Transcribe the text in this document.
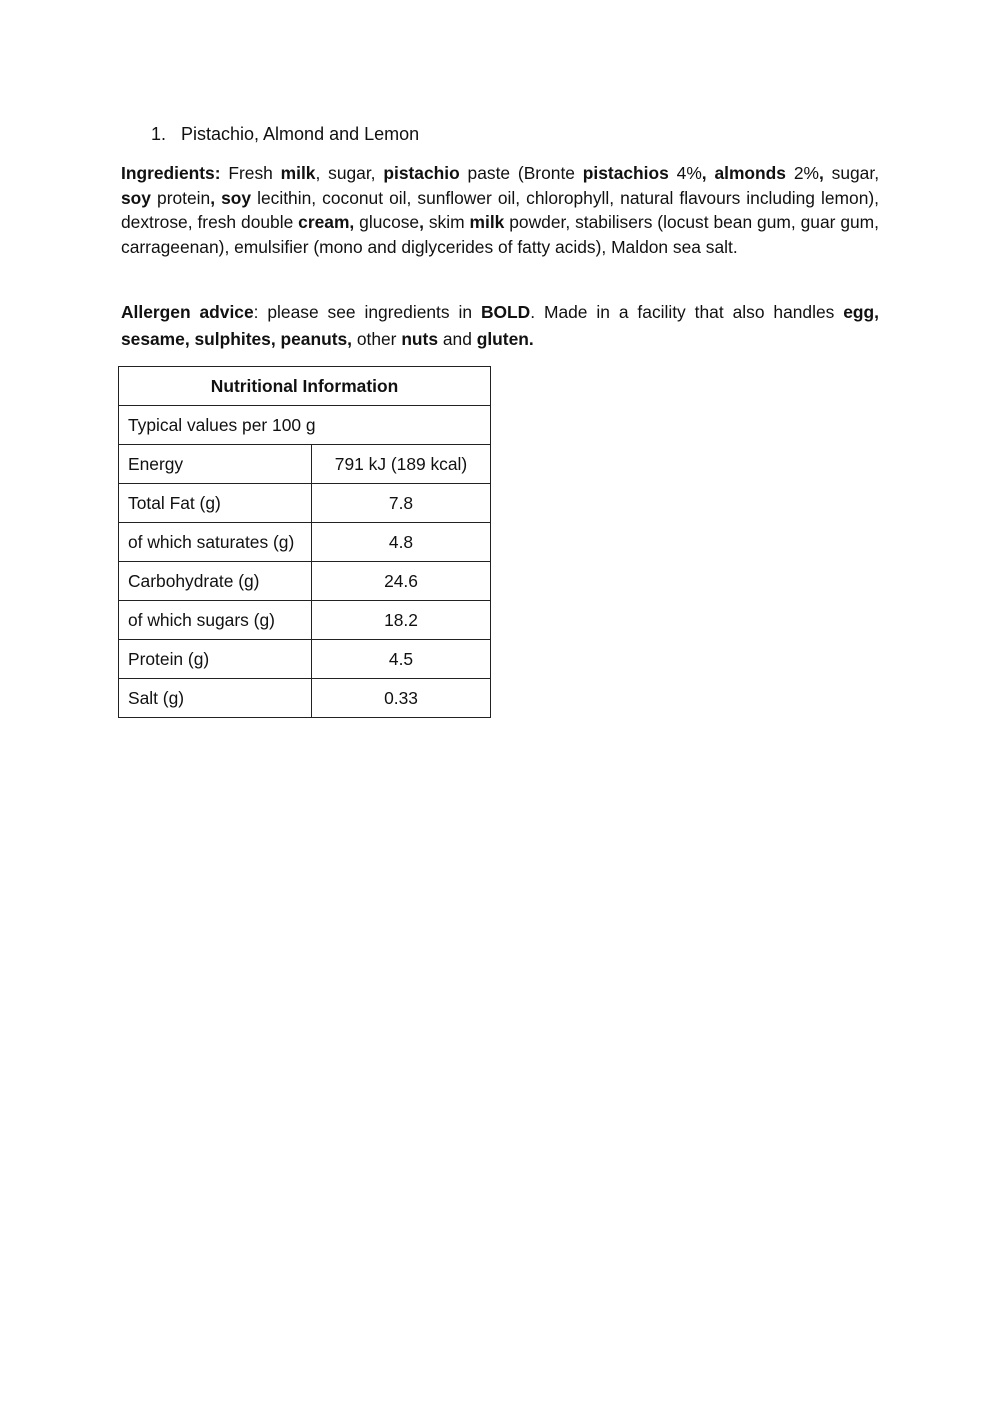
1. Pistachio, Almond and Lemon
Ingredients: Fresh milk, sugar, pistachio paste (Bronte pistachios 4%, almonds 2%, sugar, soy protein, soy lecithin, coconut oil, sunflower oil, chlorophyll, natural flavours including lemon), dextrose, fresh double cream, glucose, skim milk powder, stabilisers (locust bean gum, guar gum, carrageenan), emulsifier (mono and diglycerides of fatty acids), Maldon sea salt.
Allergen advice: please see ingredients in BOLD. Made in a facility that also handles egg, sesame, sulphites, peanuts, other nuts and gluten.
Nutritional Information	
Typical values per 100 g	
Energy	791 kJ (189 kcal)
Total Fat (g)	7.8
of which saturates (g)	4.8
Carbohydrate (g)	24.6
of which sugars (g)	18.2
Protein (g)	4.5
Salt (g)	0.33
